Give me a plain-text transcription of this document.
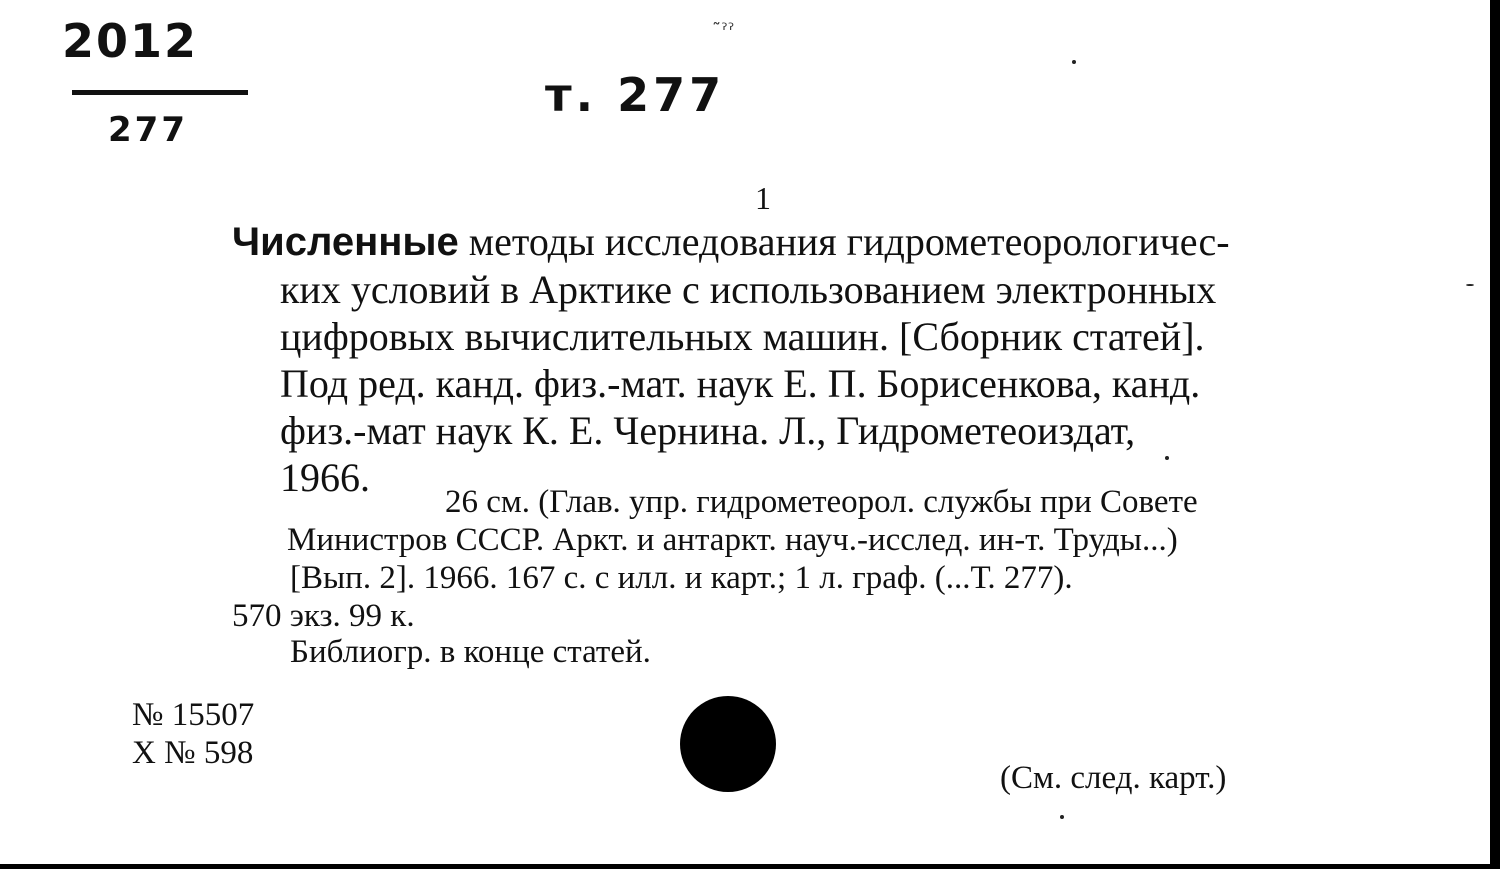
2012
277
˜ˀˀ
т. 277
1
Численные методы исследования гидрометеорологичес-
ких условий в Арктике с использованием электронных
цифровых вычислительных машин. [Сборник статей].
Под ред. канд. физ.-мат. наук Е. П. Борисенкова, канд.
физ.-мат наук К. Е. Чернина. Л., Гидрометеоиздат,
1966.
26 см. (Глав. упр. гидрометеорол. службы при Совете
Министров СССР. Аркт. и антаркт. науч.-исслед. ин-т. Труды...)
[Вып. 2]. 1966. 167 с. с илл. и карт.; 1 л. граф. (...Т. 277).
570 экз. 99 к.
Библиогр. в конце статей.
№ 15507
Х № 598
(См. след. карт.)
